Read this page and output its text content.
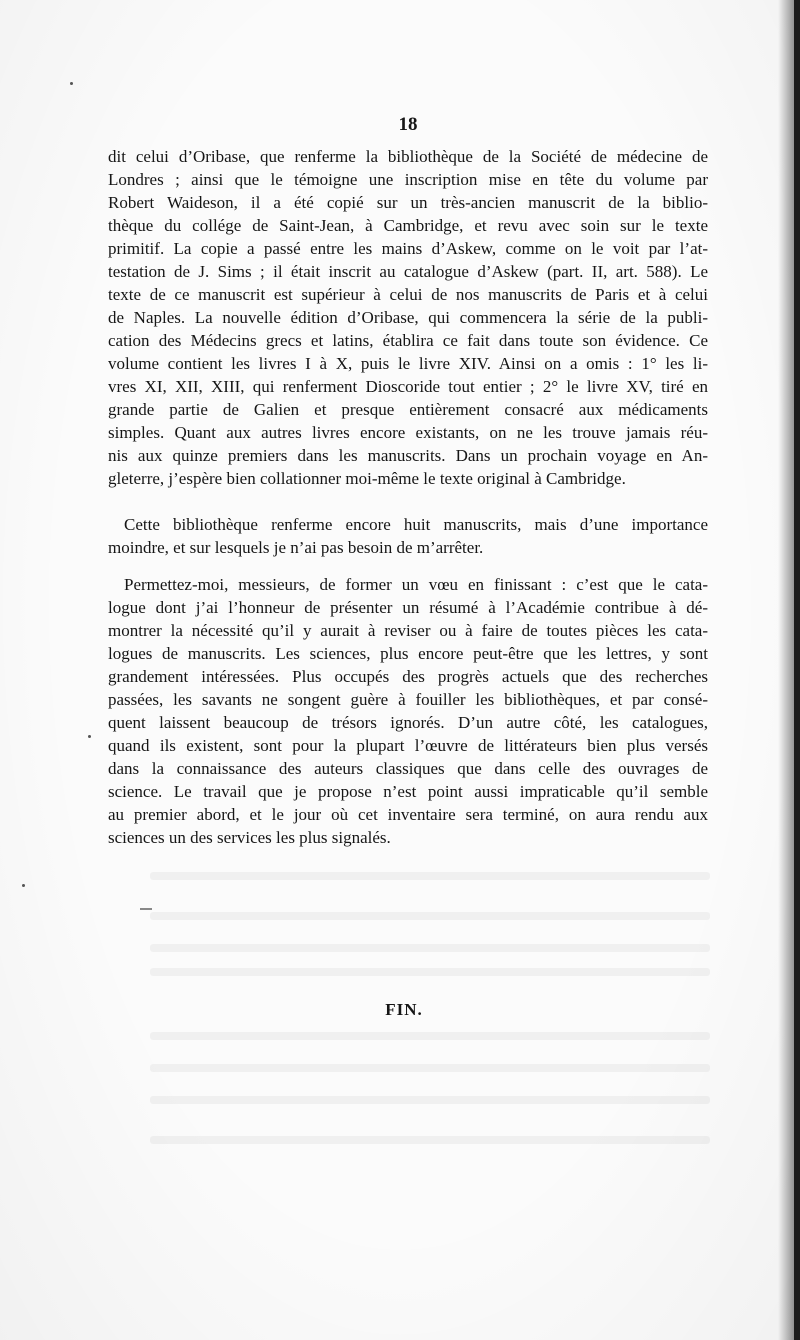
18
dit celui d’Oribase, que renferme la bibliothèque de la Société de médecine de
Londres ; ainsi que le témoigne une inscription mise en tête du volume par
Robert Waideson, il a été copié sur un très-ancien manuscrit de la biblio-
thèque du collége de Saint-Jean, à Cambridge, et revu avec soin sur le texte
primitif. La copie a passé entre les mains d’Askew, comme on le voit par l’at-
testation de J. Sims ; il était inscrit au catalogue d’Askew (part. II, art. 588). Le
texte de ce manuscrit est supérieur à celui de nos manuscrits de Paris et à celui
de Naples. La nouvelle édition d’Oribase, qui commencera la série de la publi-
cation des Médecins grecs et latins, établira ce fait dans toute son évidence. Ce
volume contient les livres I à X, puis le livre XIV. Ainsi on a omis : 1° les li-
vres XI, XII, XIII, qui renferment Dioscoride tout entier ; 2° le livre XV, tiré en
grande partie de Galien et presque entièrement consacré aux médicaments
simples. Quant aux autres livres encore existants, on ne les trouve jamais réu-
nis aux quinze premiers dans les manuscrits. Dans un prochain voyage en An-
gleterre, j’espère bien collationner moi-même le texte original à Cambridge.
Cette bibliothèque renferme encore huit manuscrits, mais d’une importance
moindre, et sur lesquels je n’ai pas besoin de m’arrêter.
Permettez-moi, messieurs, de former un vœu en finissant : c’est que le cata-
logue dont j’ai l’honneur de présenter un résumé à l’Académie contribue à dé-
montrer la nécessité qu’il y aurait à reviser ou à faire de toutes pièces les cata-
logues de manuscrits. Les sciences, plus encore peut-être que les lettres, y sont
grandement intéressées. Plus occupés des progrès actuels que des recherches
passées, les savants ne songent guère à fouiller les bibliothèques, et par consé-
quent laissent beaucoup de trésors ignorés. D’un autre côté, les catalogues,
quand ils existent, sont pour la plupart l’œuvre de littérateurs bien plus versés
dans la connaissance des auteurs classiques que dans celle des ouvrages de
science. Le travail que je propose n’est point aussi impraticable qu’il semble
au premier abord, et le jour où cet inventaire sera terminé, on aura rendu aux
sciences un des services les plus signalés.
FIN.
